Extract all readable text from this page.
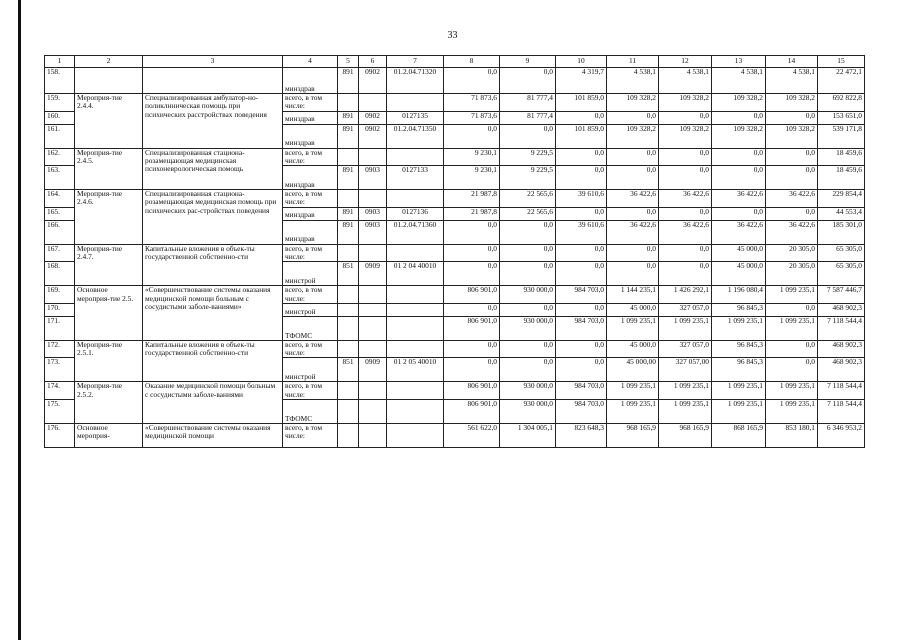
33
1	2	3	4	5	6	7	8	9	10	11	12	13	14	15
158.			минздрав	891	0902	01.2.04.71320	0,0	0,0	4 319,7	4 538,1	4 538,1	4 538,1	4 538,1	22 472,1
159.	Мероприя-тие 2.4.4.	Специализированная амбулатор-но-поликлиническая помощь при психических расстройствах поведения	всего, в том числе:				71 873,6	81 777,4	101 859,0	109 328,2	109 328,2	109 328,2	109 328,2	692 822,8
160.			минздрав	891	0902	0127135	71 873,6	81 777,4	0,0	0,0	0,0	0,0	0,0	153 651,0
161.			минздрав	891	0902	01.2.04.71350	0,0	0,0	101 859,0	109 328,2	109 328,2	109 328,2	109 328,2	539 171,8
162.	Мероприя-тие 2.4.5.	Специализированная стациона-розамещающая медицинская психоневрологическая помощь	всего, в том числе:				9 230,1	9 229,5	0,0	0,0	0,0	0,0	0,0	18 459,6
163.			минздрав	891	0903	0127133	9 230,1	9 229,5	0,0	0,0	0,0	0,0	0,0	18 459,6
164.	Мероприя-тие 2.4.6.	Специализированная стациона-розамещающая медицинская помощь при психических рас-стройствах поведения	всего, в том числе:				21 987,8	22 565,6	39 610,6	36 422,6	36 422,6	36 422,6	36 422,6	229 854,4
165.			минздрав	891	0903	0127136	21 987,8	22 565,6	0,0	0,0	0,0	0,0	0,0	44 553,4
166.			минздрав	891	0903	01.2.04.71360	0,0	0,0	39 610,6	36 422,6	36 422,6	36 422,6	36 422,6	185 301,0
167.	Мероприя-тие 2.4.7.	Капитальные вложения в объек-ты государственной собственно-сти	всего, в том числе:				0,0	0,0	0,0	0,0	0,0	45 000,0	20 305,0	65 305,0
168.			минстрой	851	0909	01 2 04 40010	0,0	0,0	0,0	0,0	0,0	45 000,0	20 305,0	65 305,0
169.	Основное мероприя-тие 2.5.	«Совершенствование системы оказания медицинской помощи больным с сосудистыми заболе-ваниями»	всего, в том числе:				806 901,0	930 000,0	984 703,0	1 144 235,1	1 426 292,1	1 196 080,4	1 099 235,1	7 587 446,7
170.			минстрой				0,0	0,0	0,0	45 000,0	327 057,0	96 845,3	0,0	468 902,3
171.			ТФОМС				806 901,0	930 000,0	984 703,0	1 099 235,1	1 099 235,1	1 099 235,1	1 099 235,1	7 118 544,4
172.	Мероприя-тие 2.5.1.	Капитальные вложения в объек-ты государственной собственно-сти	всего, в том числе:				0,0	0,0	0,0	45 000,0	327 057,0	96 845,3	0,0	468 902,3
173.			минстрой	851	0909	01 2 05 40010	0,0	0,0	0,0	45 000,00	327 057,00	96 845,3	0,0	468 902,3
174.	Мероприя-тие 2.5.2.	Оказание медицинской помощи больным с сосудистыми заболе-ваниями	всего, в том числе:				806 901,0	930 000,0	984 703,0	1 099 235,1	1 099 235,1	1 099 235,1	1 099 235,1	7 118 544,4
175.			ТФОМС				806 901,0	930 000,0	984 703,0	1 099 235,1	1 099 235,1	1 099 235,1	1 099 235,1	7 118 544,4
176.	Основное мероприя-	«Совершенствование системы оказания медицинской помощи	всего, в том числе:				561 622,0	1 304 005,1	823 648,3	968 165,9	968 165,9	868 165,9	853 180,1	6 346 953,2
